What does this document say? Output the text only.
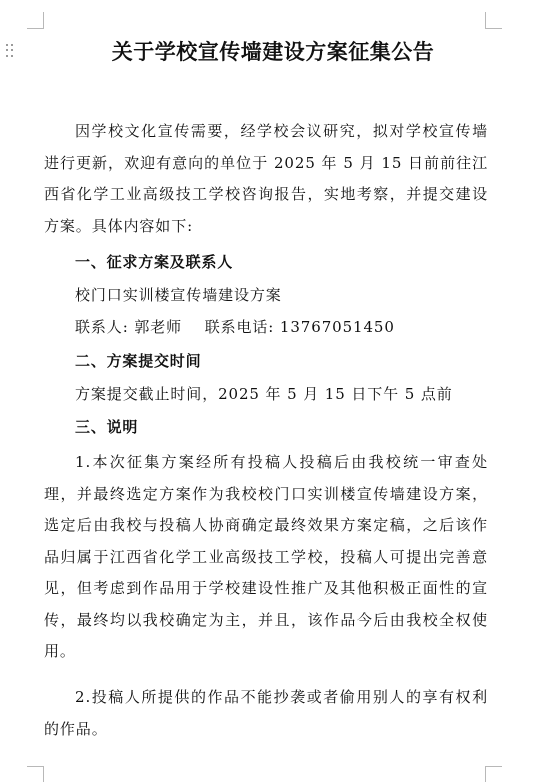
关于学校宣传墙建设方案征集公告

因学校文化宣传需要，经学校会议研究，拟对学校宣传墙进行更新，欢迎有意向的单位于 2025 年 5 月 15 日前前往江西省化学工业高级技工学校咨询报告，实地考察，并提交建设方案。具体内容如下:

一、征求方案及联系人
校门口实训楼宣传墙建设方案
联系人: 郭老师    联系电话: 13767051450
二、方案提交时间
方案提交截止时间，2025 年 5 月 15 日下午 5 点前
三、说明

1.本次征集方案经所有投稿人投稿后由我校统一审查处理，并最终选定方案作为我校校门口实训楼宣传墙建设方案，选定后由我校与投稿人协商确定最终效果方案定稿，之后该作品归属于江西省化学工业高级技工学校，投稿人可提出完善意见，但考虑到作品用于学校建设性推广及其他积极正面性的宣传，最终均以我校确定为主，并且，该作品今后由我校全权使用。

2.投稿人所提供的作品不能抄袭或者偷用别人的享有权利的作品。
